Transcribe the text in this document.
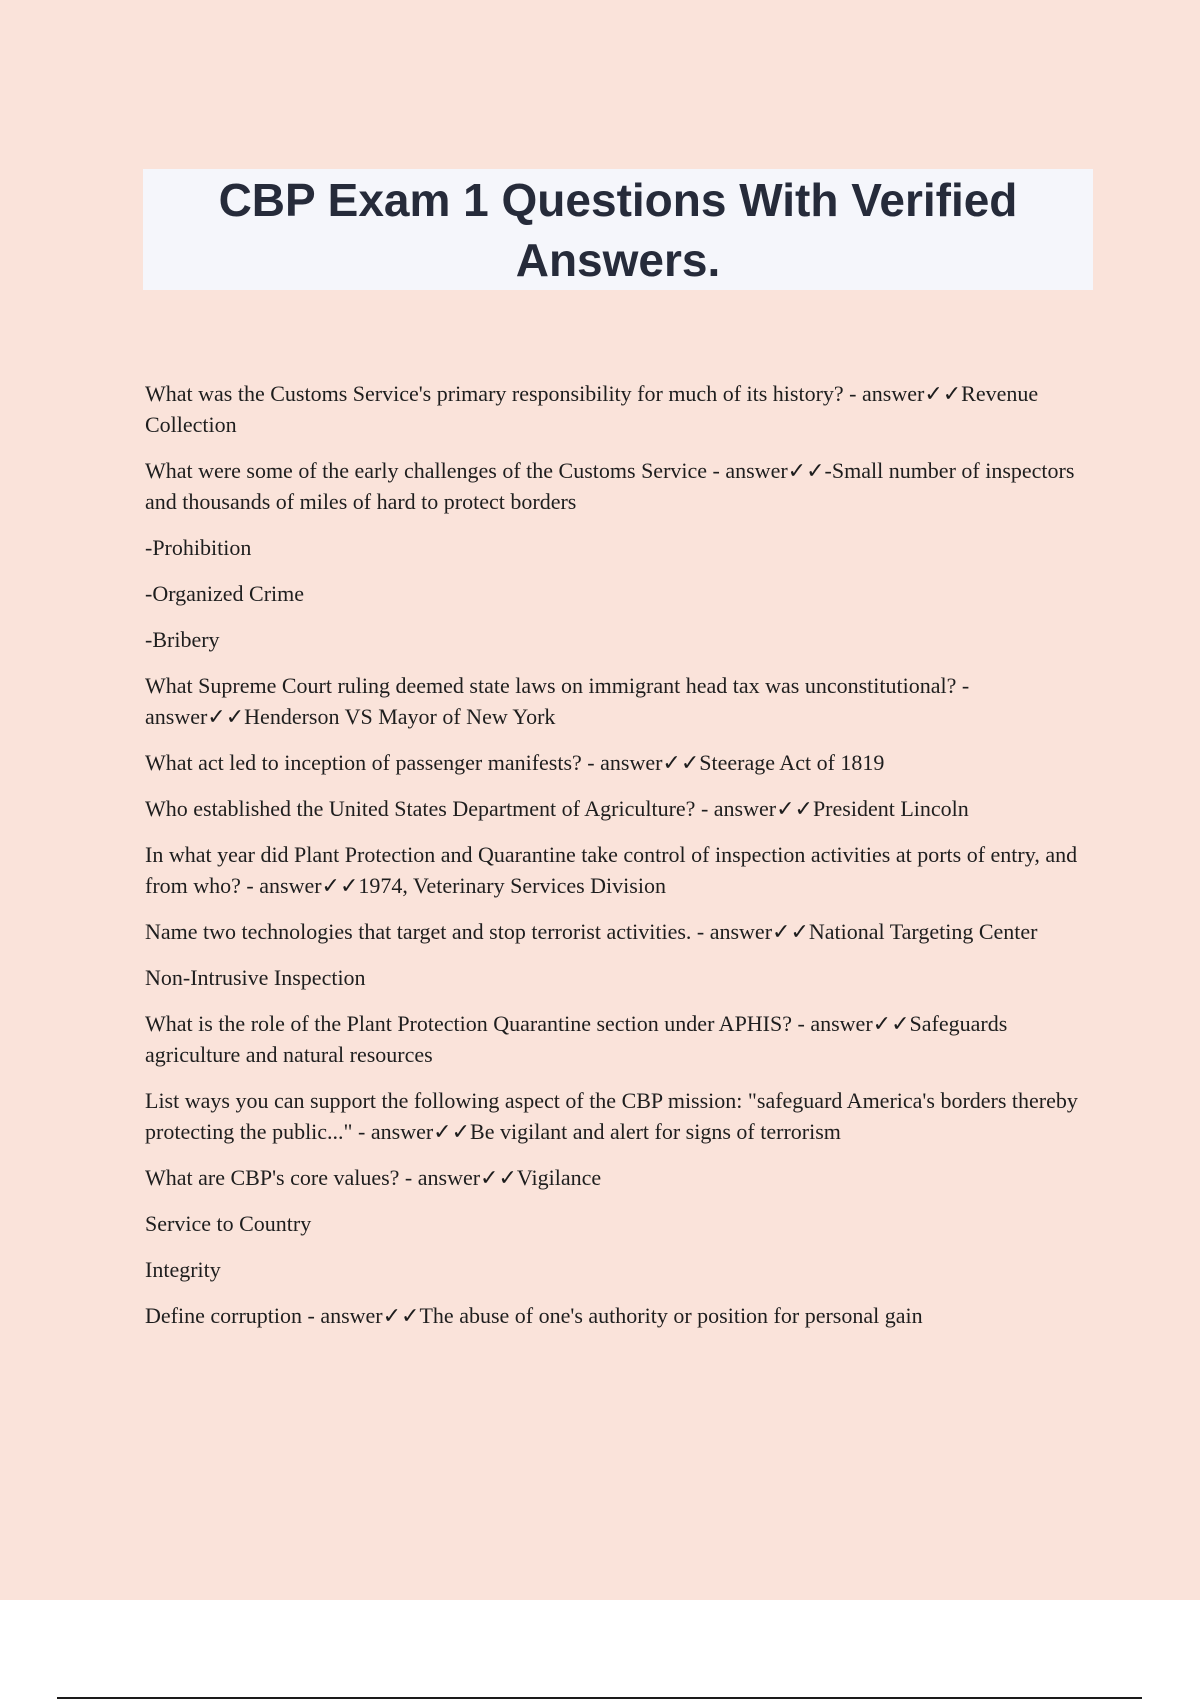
CBP Exam 1 Questions With Verified Answers.

What was the Customs Service's primary responsibility for much of its history? - answer✓✓Revenue Collection

What were some of the early challenges of the Customs Service - answer✓✓-Small number of inspectors and thousands of miles of hard to protect borders

-Prohibition

-Organized Crime

-Bribery

What Supreme Court ruling deemed state laws on immigrant head tax was unconstitutional? - answer✓✓Henderson VS Mayor of New York

What act led to inception of passenger manifests? - answer✓✓Steerage Act of 1819

Who established the United States Department of Agriculture? - answer✓✓President Lincoln

In what year did Plant Protection and Quarantine take control of inspection activities at ports of entry, and from who? - answer✓✓1974, Veterinary Services Division

Name two technologies that target and stop terrorist activities. - answer✓✓National Targeting Center

Non-Intrusive Inspection

What is the role of the Plant Protection Quarantine section under APHIS? - answer✓✓Safeguards agriculture and natural resources

List ways you can support the following aspect of the CBP mission: "safeguard America's borders thereby protecting the public..." - answer✓✓Be vigilant and alert for signs of terrorism

What are CBP's core values? - answer✓✓Vigilance

Service to Country

Integrity

Define corruption - answer✓✓The abuse of one's authority or position for personal gain
